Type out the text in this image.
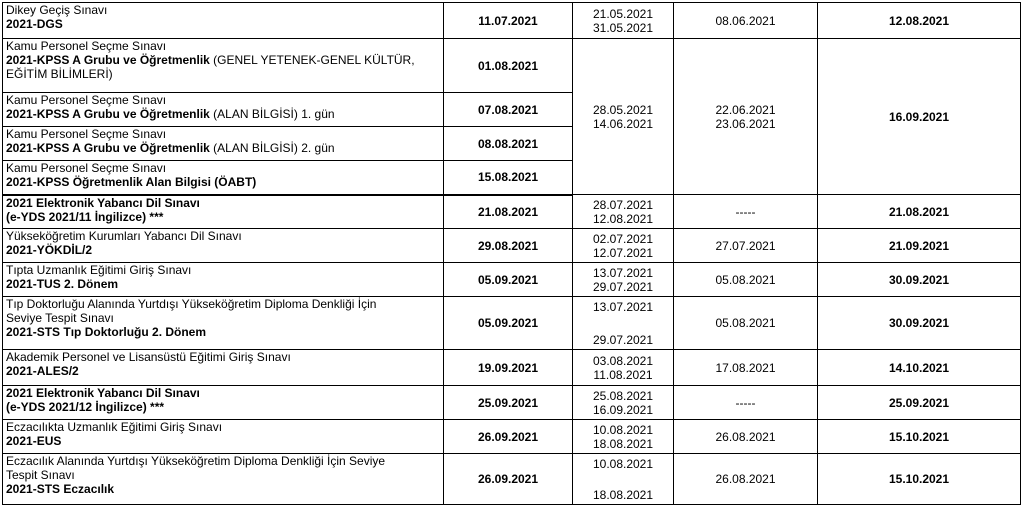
Dikey Geçiş Sınavı
2021-DGS	11.07.2021	21.05.2021
31.05.2021	08.06.2021	12.08.2021

Kamu Personel Seçme Sınavı
2021-KPSS A Grubu ve Öğretmenlik (GENEL YETENEK-GENEL KÜLTÜR, EĞİTİM BİLİMLERİ)	01.08.2021	28.05.2021
14.06.2021	22.06.2021
23.06.2021	16.09.2021

Kamu Personel Seçme Sınavı
2021-KPSS A Grubu ve Öğretmenlik (ALAN BİLGİSİ) 1. gün	07.08.2021			

Kamu Personel Seçme Sınavı
2021-KPSS A Grubu ve Öğretmenlik (ALAN BİLGİSİ) 2. gün	08.08.2021			

Kamu Personel Seçme Sınavı
2021-KPSS Öğretmenlik Alan Bilgisi (ÖABT)	15.08.2021			

2021 Elektronik Yabancı Dil Sınavı
(e-YDS 2021/11 İngilizce) ***	21.08.2021	28.07.2021
12.08.2021	-----	21.08.2021

Yükseköğretim Kurumları Yabancı Dil Sınavı
2021-YÖKDİL/2	29.08.2021	02.07.2021
12.07.2021	27.07.2021	21.09.2021

Tıpta Uzmanlık Eğitimi Giriş Sınavı
2021-TUS 2. Dönem	05.09.2021	13.07.2021
29.07.2021	05.08.2021	30.09.2021

Tıp Doktorluğu Alanında Yurtdışı Yükseköğretim Diploma Denkliği İçin
Seviye Tespit Sınavı
2021-STS Tıp Doktorluğu 2. Dönem	05.09.2021	13.07.2021
29.07.2021	05.08.2021	30.09.2021

Akademik Personel ve Lisansüstü Eğitimi Giriş Sınavı
2021-ALES/2	19.09.2021	03.08.2021
11.08.2021	17.08.2021	14.10.2021

2021 Elektronik Yabancı Dil Sınavı
(e-YDS 2021/12 İngilizce) ***	25.09.2021	25.08.2021
16.09.2021	-----	25.09.2021

Eczacılıkta Uzmanlık Eğitimi Giriş Sınavı
2021-EUS	26.09.2021	10.08.2021
18.08.2021	26.08.2021	15.10.2021

Eczacılık Alanında Yurtdışı Yükseköğretim Diploma Denkliği İçin Seviye
Tespit Sınavı
2021-STS Eczacılık	26.09.2021	10.08.2021
18.08.2021	26.08.2021	15.10.2021
